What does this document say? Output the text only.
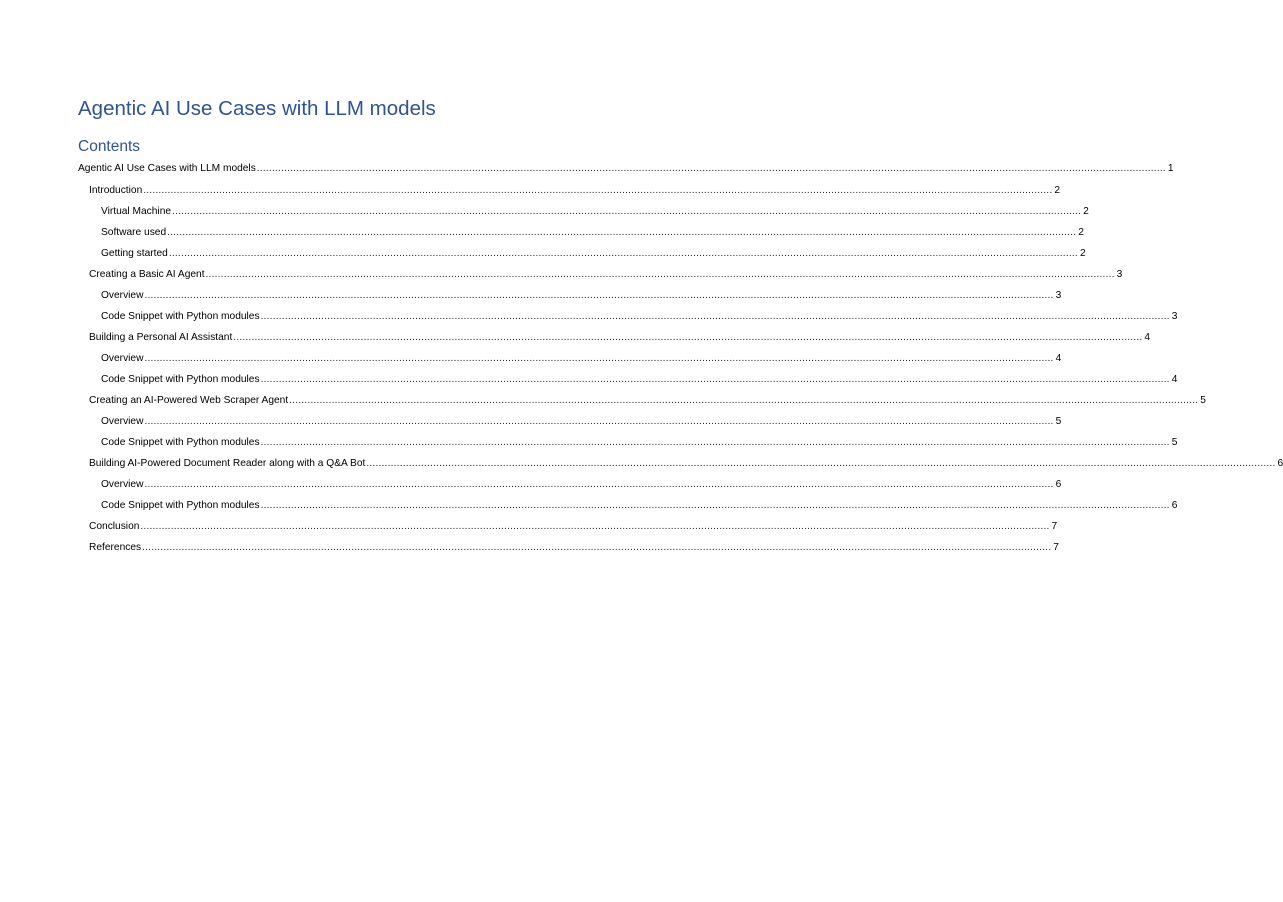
Agentic AI Use Cases with LLM models
Contents
Agentic AI Use Cases with LLM models ............................................................................................................................................................................................................................................................................................................ 1
Introduction ............................................................................................................................................................................................................................................................................................................ 2
Virtual Machine ............................................................................................................................................................................................................................................................................................................ 2
Software used ............................................................................................................................................................................................................................................................................................................ 2
Getting started ............................................................................................................................................................................................................................................................................................................ 2
Creating a Basic AI Agent ............................................................................................................................................................................................................................................................................................................ 3
Overview ............................................................................................................................................................................................................................................................................................................ 3
Code Snippet with Python modules ............................................................................................................................................................................................................................................................................................................ 3
Building a Personal AI Assistant ............................................................................................................................................................................................................................................................................................................ 4
Overview ............................................................................................................................................................................................................................................................................................................ 4
Code Snippet with Python modules ............................................................................................................................................................................................................................................................................................................ 4
Creating an AI-Powered Web Scraper Agent ............................................................................................................................................................................................................................................................................................................ 5
Overview ............................................................................................................................................................................................................................................................................................................ 5
Code Snippet with Python modules ............................................................................................................................................................................................................................................................................................................ 5
Building AI-Powered Document Reader along with a Q&A Bot ............................................................................................................................................................................................................................................................................................................ 6
Overview ............................................................................................................................................................................................................................................................................................................ 6
Code Snippet with Python modules ............................................................................................................................................................................................................................................................................................................ 6
Conclusion ............................................................................................................................................................................................................................................................................................................ 7
References ............................................................................................................................................................................................................................................................................................................ 7
